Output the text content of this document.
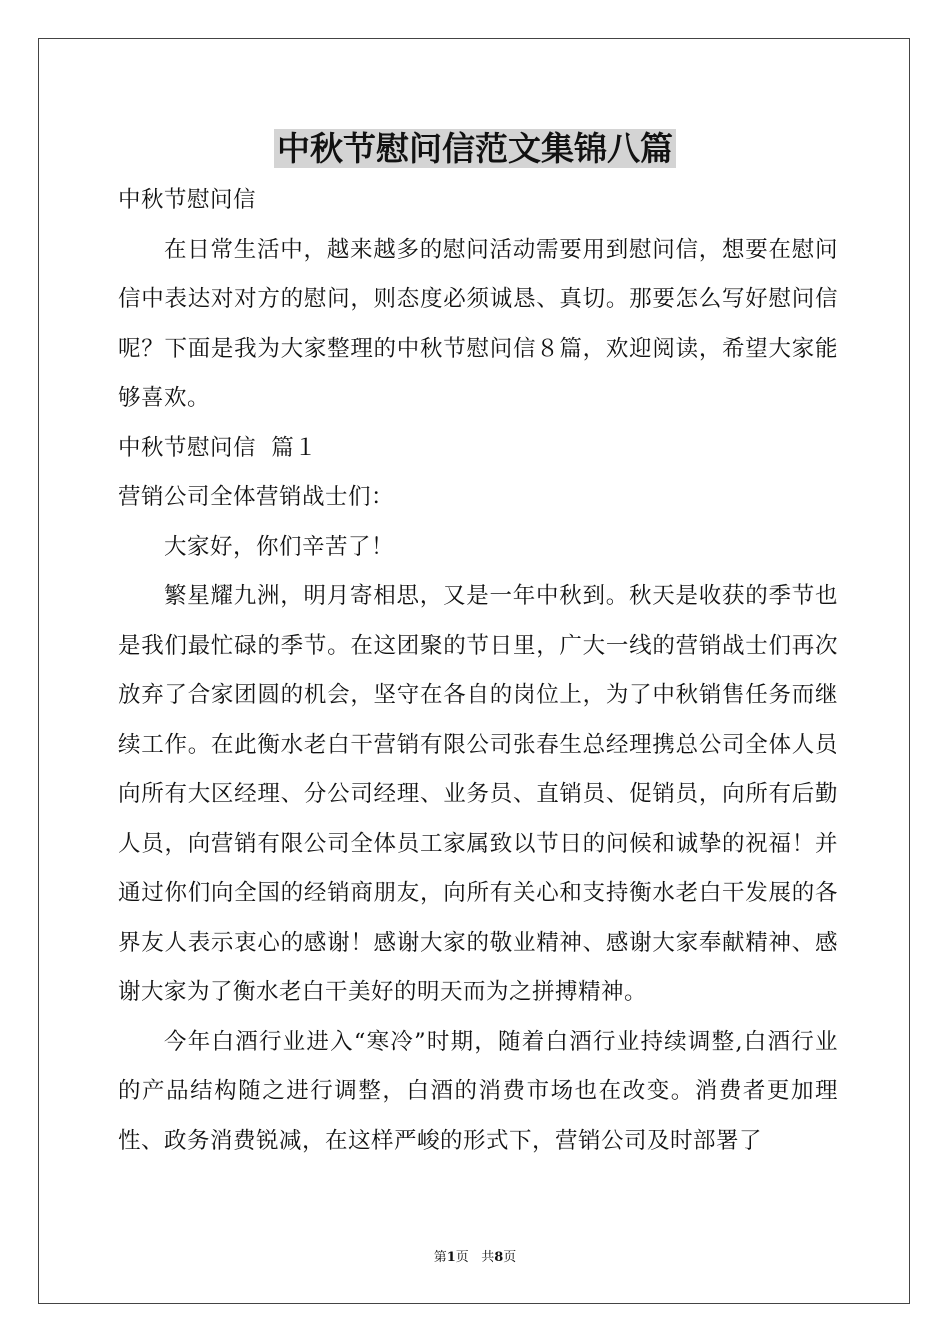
中秋节慰问信范文集锦八篇

中秋节慰问信

在日常生活中，越来越多的慰问活动需要用到慰问信，想要在慰问信中表达对对方的慰问，则态度必须诚恳、真切。那要怎么写好慰问信呢？下面是我为大家整理的中秋节慰问信８篇，欢迎阅读，希望大家能够喜欢。

中秋节慰问信  篇１

营销公司全体营销战士们：

大家好，你们辛苦了！

繁星耀九洲，明月寄相思，又是一年中秋到。秋天是收获的季节也是我们最忙碌的季节。在这团聚的节日里，广大一线的营销战士们再次放弃了合家团圆的机会，坚守在各自的岗位上，为了中秋销售任务而继续工作。在此衡水老白干营销有限公司张春生总经理携总公司全体人员向所有大区经理、分公司经理、业务员、直销员、促销员，向所有后勤人员，向营销有限公司全体员工家属致以节日的问候和诚挚的祝福！并通过你们向全国的经销商朋友，向所有关心和支持衡水老白干发展的各界友人表示衷心的感谢！感谢大家的敬业精神、感谢大家奉献精神、感谢大家为了衡水老白干美好的明天而为之拼搏精神。

今年白酒行业进入“寒冷”时期，随着白酒行业持续调整,白酒行业的产品结构随之进行调整，白酒的消费市场也在改变。消费者更加理性、政务消费锐减，在这样严峻的形式下，营销公司及时部署了

第1页   共8页
